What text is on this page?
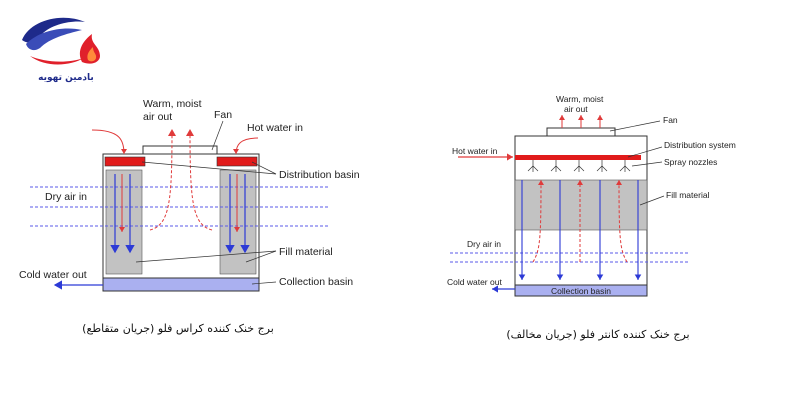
بادمین تهویه
Warm, moist
air out	Fan
Hot water in
Distribution basin
Dry air in
Fill material
Cold water out
Collection basin
برج خنک کننده کراس فلو (جریان متقاطع)
Warm, moist
air out
Fan
Hot water in
Distribution system
Spray nozzles
Fill material
Dry air in
Cold water out
Collection basin
برج خنک کننده کانتر فلو (جریان مخالف)
